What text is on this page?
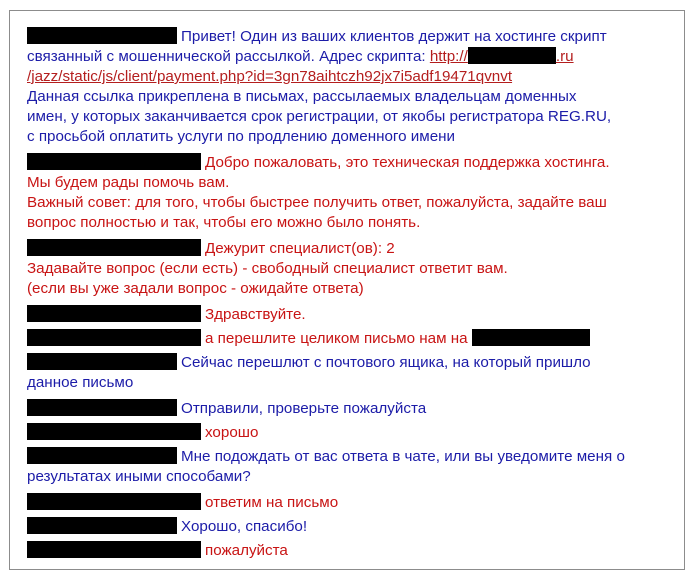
Привет! Один из ваших клиентов держит на хостинге скрипт
связанный с мошеннической рассылкой. Адрес скрипта: http://	.ru
/jazz/static/js/client/payment.php?id=3gn78aihtczh92jx7i5adf19471qvnvt
Данная ссылка прикреплена в письмах, рассылаемых владельцам доменных
имен, у которых заканчивается срок регистрации, от якобы регистратора REG.RU,
с просьбой оплатить услуги по продлению доменного имени
Добро пожаловать, это техническая поддержка хостинга.
Мы будем рады помочь вам.
Важный совет: для того, чтобы быстрее получить ответ, пожалуйста, задайте ваш
вопрос полностью и так, чтобы его можно было понять.
Дежурит специалист(ов): 2
Задавайте вопрос (если есть) - свободный специалист ответит вам.
(если вы уже задали вопрос - ожидайте ответа)
Здравствуйте.
а перешлите целиком письмо нам на
Сейчас перешлют с почтового ящика, на который пришло
данное письмо
Отправили, проверьте пожалуйста
хорошо
Мне подождать от вас ответа в чате, или вы уведомите меня о
результатах иными способами?
ответим на письмо
Хорошо, спасибо!
пожалуйста
